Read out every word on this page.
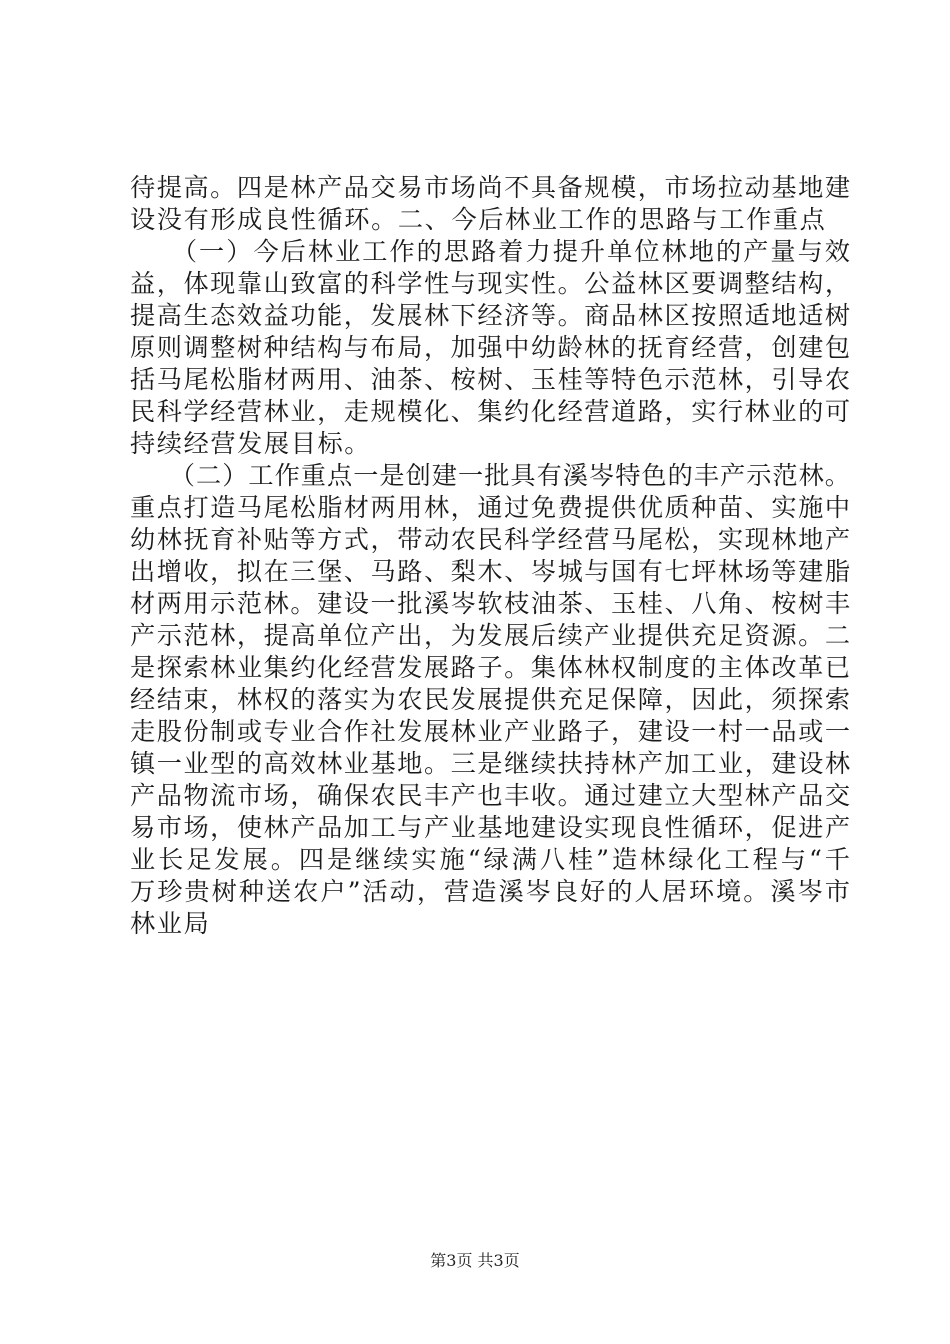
待提高。四是林产品交易市场尚不具备规模，市场拉动基地建
设没有形成良性循环。二、今后林业工作的思路与工作重点
　　（一）今后林业工作的思路着力提升单位林地的产量与效
益，体现靠山致富的科学性与现实性。公益林区要调整结构，
提高生态效益功能，发展林下经济等。商品林区按照适地适树
原则调整树种结构与布局，加强中幼龄林的抚育经营，创建包
括马尾松脂材两用、油茶、桉树、玉桂等特色示范林，引导农
民科学经营林业，走规模化、集约化经营道路，实行林业的可
持续经营发展目标。
　　（二）工作重点一是创建一批具有溪岑特色的丰产示范林。
重点打造马尾松脂材两用林，通过免费提供优质种苗、实施中
幼林抚育补贴等方式，带动农民科学经营马尾松，实现林地产
出增收，拟在三堡、马路、梨木、岑城与国有七坪林场等建脂
材两用示范林。建设一批溪岑软枝油茶、玉桂、八角、桉树丰
产示范林，提高单位产出，为发展后续产业提供充足资源。二
是探索林业集约化经营发展路子。集体林权制度的主体改革已
经结束，林权的落实为农民发展提供充足保障，因此，须探索
走股份制或专业合作社发展林业产业路子，建设一村一品或一
镇一业型的高效林业基地。三是继续扶持林产加工业，建设林
产品物流市场，确保农民丰产也丰收。通过建立大型林产品交
易市场，使林产品加工与产业基地建设实现良性循环，促进产
业长足发展。四是继续实施“绿满八桂”造林绿化工程与“千
万珍贵树种送农户”活动，营造溪岑良好的人居环境。溪岑市
林业局
第3页 共3页
